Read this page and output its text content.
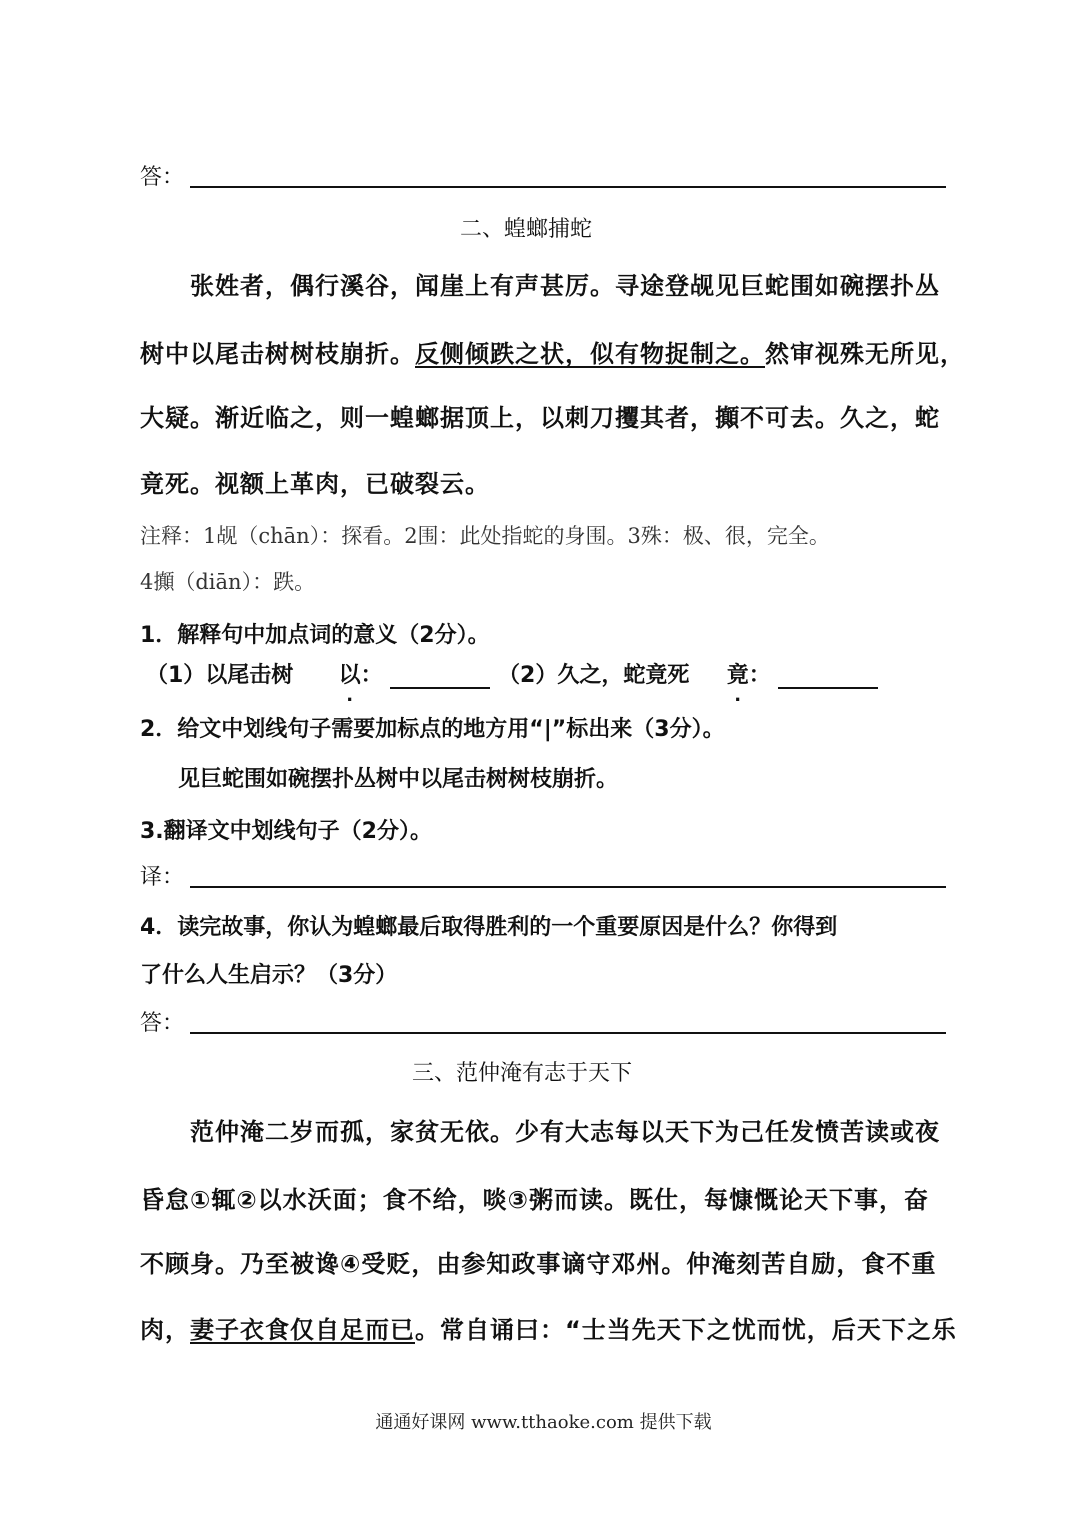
答：
二、蝗螂捕蛇
张姓者，偶行溪谷，闻崖上有声甚厉。寻途登觇见巨蛇围如碗摆扑丛
树中以尾击树树枝崩折。反侧倾跌之状，似有物捉制之。然审视殊无所见，
大疑。渐近临之，则一蝗螂据顶上，以刺刀攫其者，攧不可去。久之，蛇
竟死。视额上革肉，已破裂云。
注释：1觇（chān）：探看。2围：此处指蛇的身围。3殊：极、很，完全。
4攧（diān）：跌。
1．解释句中加点词的意义（2分）。
（1）以尾击树 以：	（2）久之，蛇竟死 竟：
2．给文中划线句子需要加标点的地方用“|”标出来（3分）。
见巨蛇围如碗摆扑丛树中以尾击树树枝崩折。
3.翻译文中划线句子（2分）。
译：
4．读完故事，你认为蝗螂最后取得胜利的一个重要原因是什么？你得到
了什么人生启示？（3分）
答：
三、范仲淹有志于天下
范仲淹二岁而孤，家贫无依。少有大志每以天下为己任发愤苦读或夜
昏怠①辄②以水沃面；食不给，啖③粥而读。既仕，每慷慨论天下事，奋
不顾身。乃至被谗④受贬，由参知政事谪守邓州。仲淹刻苦自励，食不重
肉，妻子衣食仅自足而已。常自诵曰：“士当先天下之忧而忧，后天下之乐
通通好课网 www.tthaoke.com 提供下载
